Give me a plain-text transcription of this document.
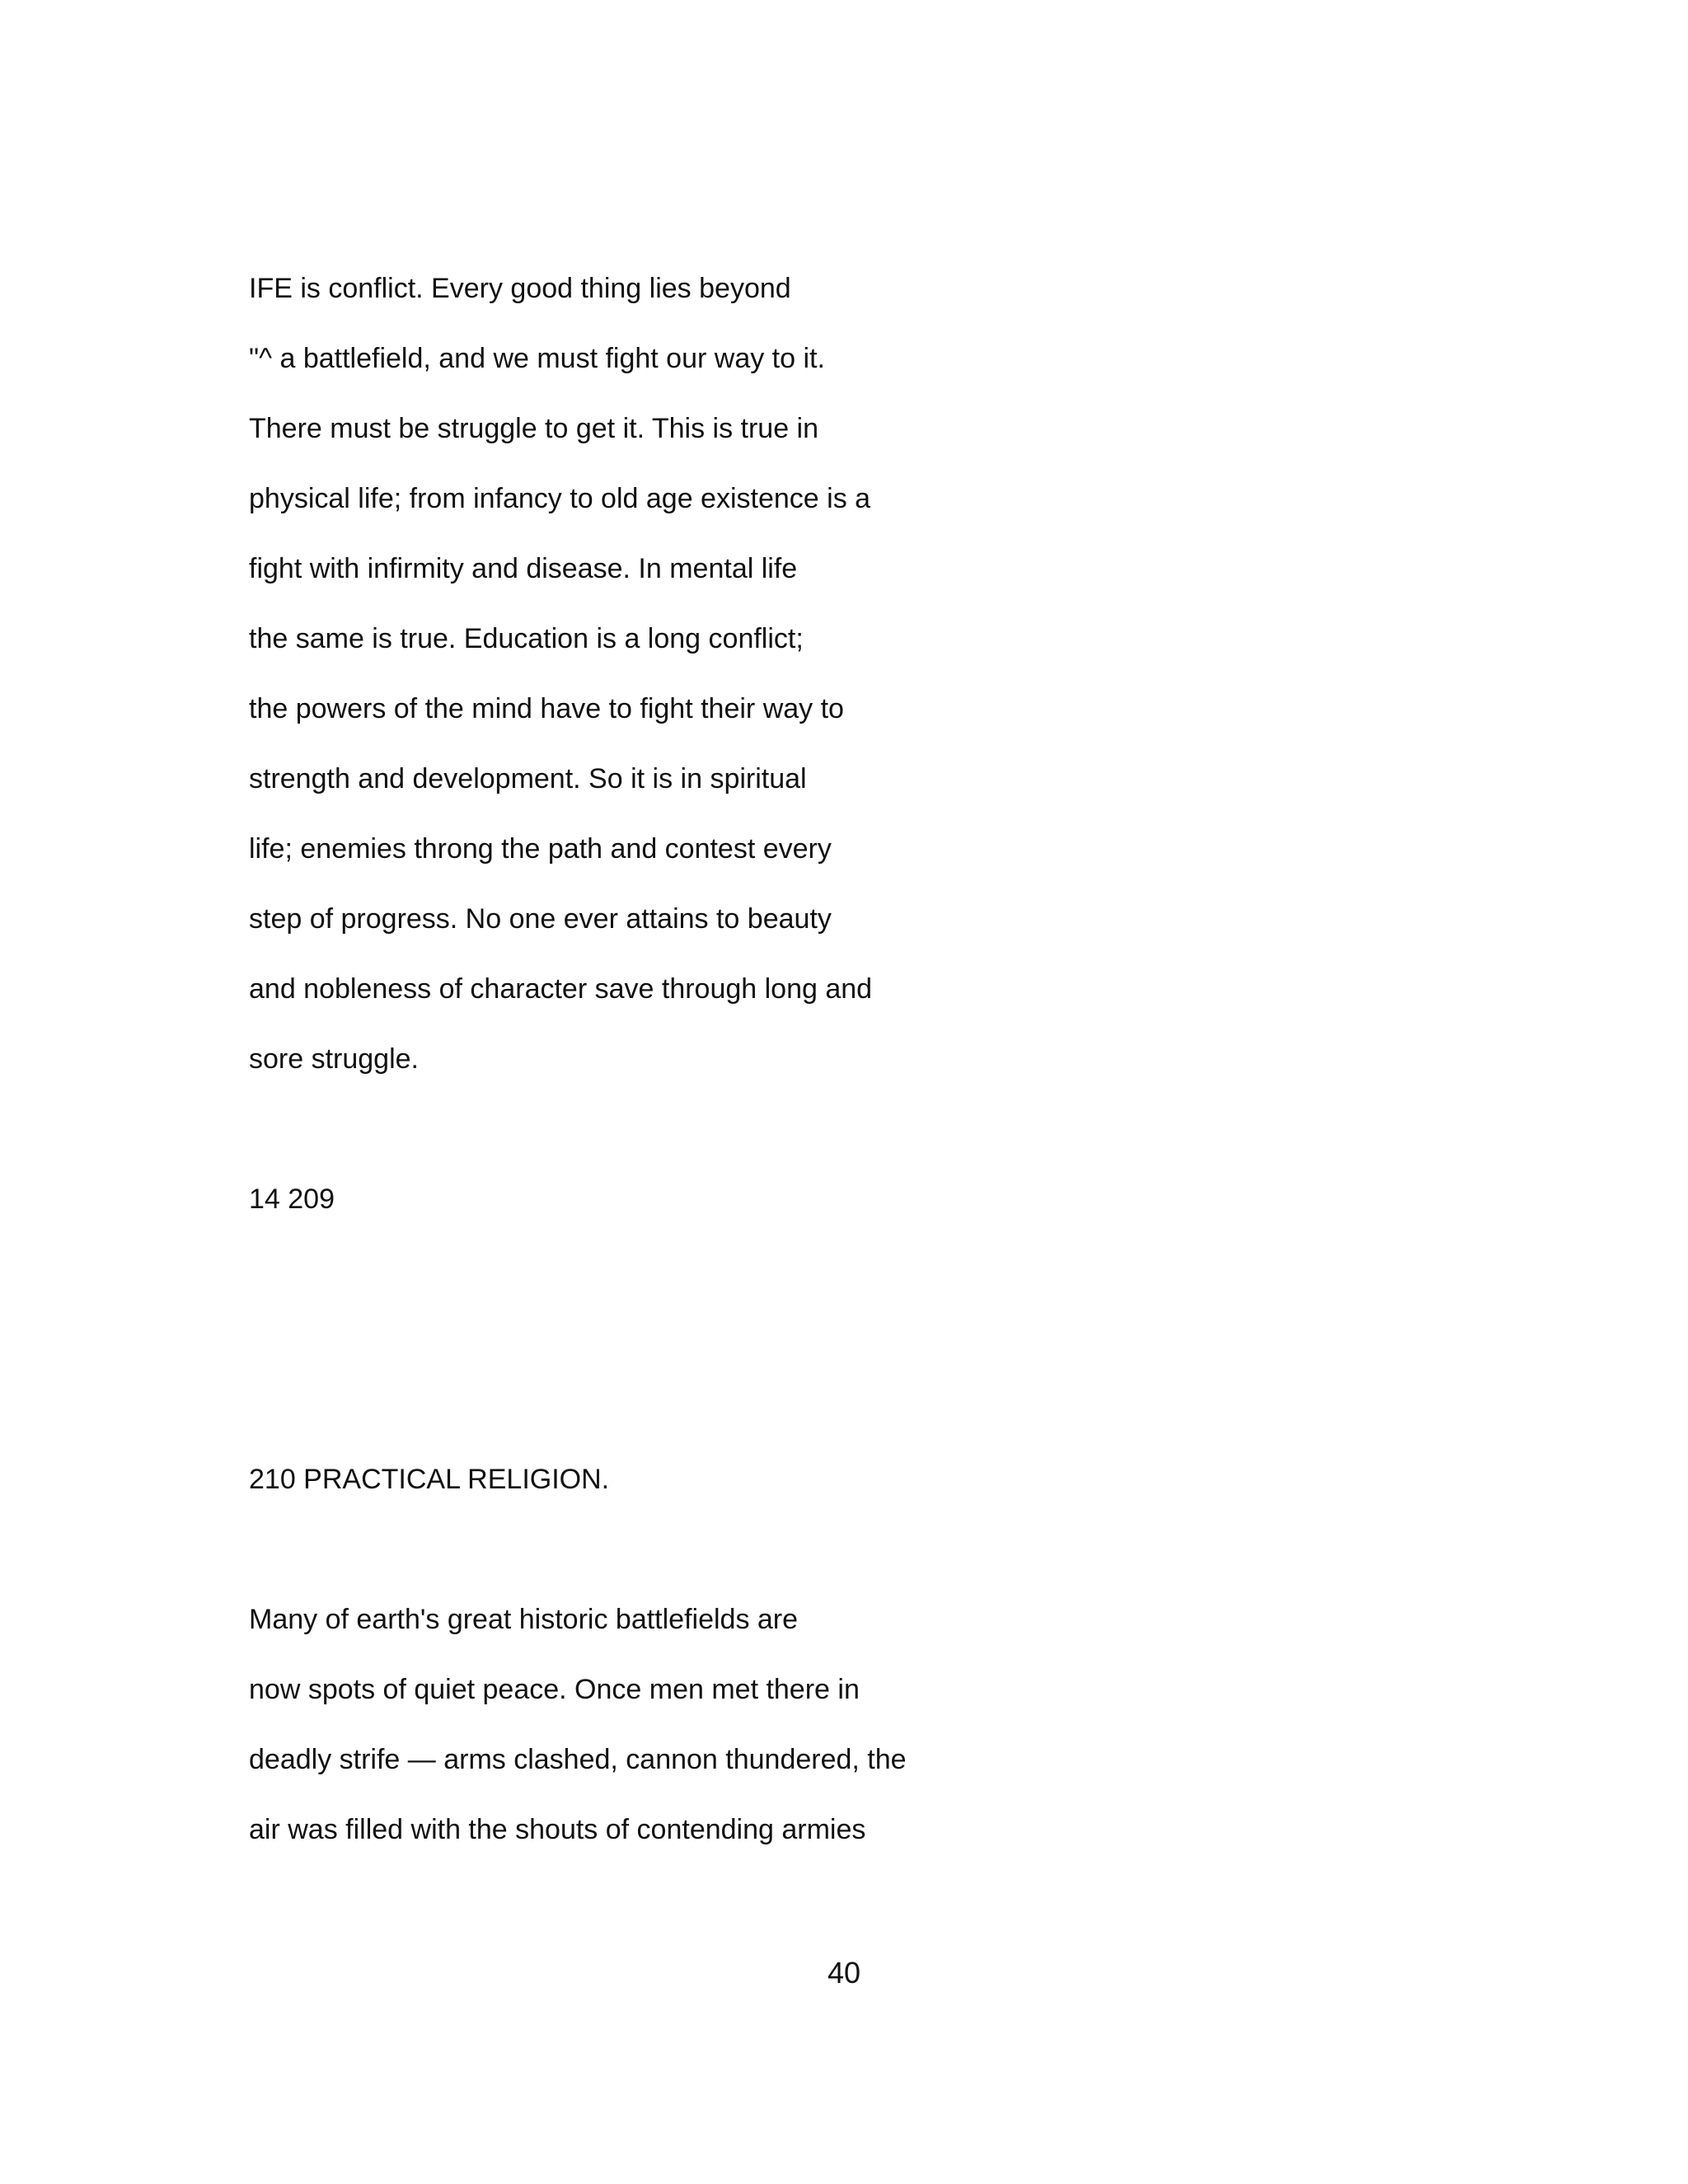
IFE is conflict. Every good thing lies beyond

"^ a battlefield, and we must fight our way to it.

There must be struggle to get it. This is true in

physical life; from infancy to old age existence is a

fight with infirmity and disease. In mental life

the same is true. Education is a long conflict;

the powers of the mind have to fight their way to

strength and development. So it is in spiritual

life; enemies throng the path and contest every

step of progress. No one ever attains to beauty

and nobleness of character save through long and

sore struggle.

14 209

210 PRACTICAL RELIGION.

Many of earth's great historic battlefields are

now spots of quiet peace. Once men met there in

deadly strife — arms clashed, cannon thundered, the

air was filled with the shouts of contending armies

40
